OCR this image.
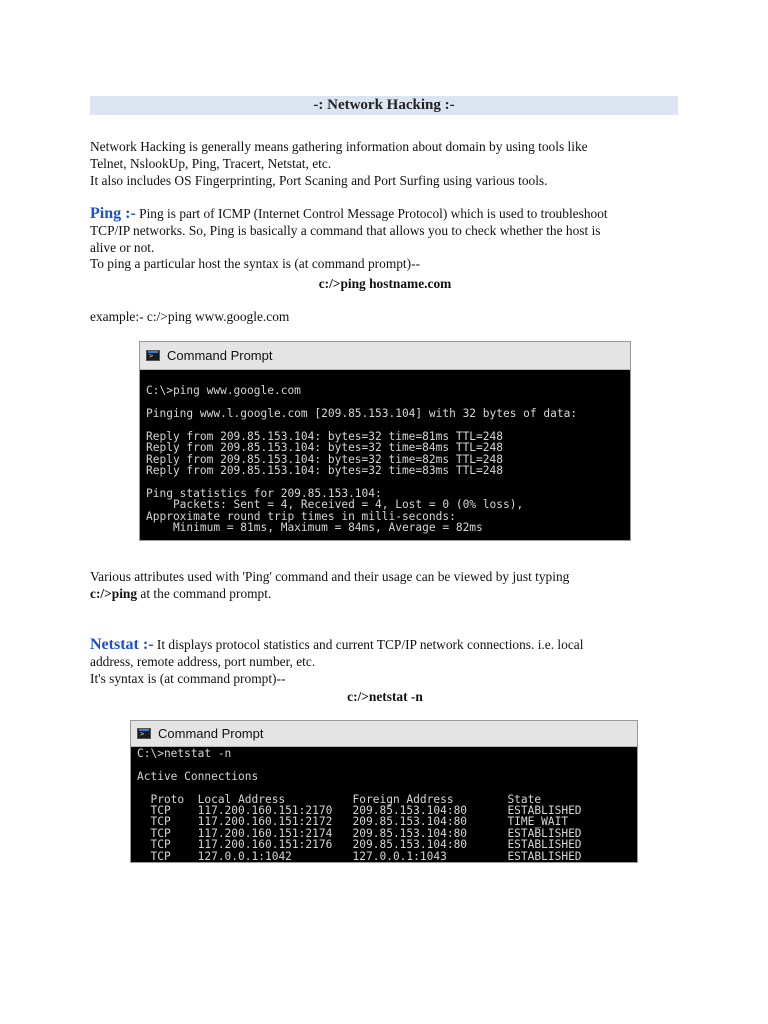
-: Network Hacking :-
Network Hacking is generally means gathering information about domain by using tools like
Telnet, NslookUp, Ping, Tracert, Netstat, etc.
It also includes OS Fingerprinting, Port Scaning and Port Surfing using various tools.
Ping :- Ping is part of ICMP (Internet Control Message Protocol) which is used to troubleshoot
TCP/IP networks. So, Ping is basically a command that allows you to check whether the host is
alive or not.
To ping a particular host the syntax is (at command prompt)--
c:/>ping hostname.com
example:- c:/>ping www.google.com
>
Command Prompt
C:\>ping www.google.com
Pinging www.l.google.com [209.85.153.104] with 32 bytes of data:
Reply from 209.85.153.104: bytes=32 time=81ms TTL=248
Reply from 209.85.153.104: bytes=32 time=84ms TTL=248
Reply from 209.85.153.104: bytes=32 time=82ms TTL=248
Reply from 209.85.153.104: bytes=32 time=83ms TTL=248
Ping statistics for 209.85.153.104:
Packets: Sent = 4, Received = 4, Lost = 0 (0% loss),
Approximate round trip times in milli-seconds:
Minimum = 81ms, Maximum = 84ms, Average = 82ms
Various attributes used with 'Ping' command and their usage can be viewed by just typing
c:/>ping at the command prompt.
Netstat :- It displays protocol statistics and current TCP/IP network connections. i.e. local
address, remote address, port number, etc.
It's syntax is (at command prompt)--
c:/>netstat -n
>
Command Prompt
C:\>netstat -n
Active Connections
Proto  Local Address          Foreign Address        State
TCP    117.200.160.151:2170   209.85.153.104:80      ESTABLISHED
TCP    117.200.160.151:2172   209.85.153.104:80      TIME_WAIT
TCP    117.200.160.151:2174   209.85.153.104:80      ESTABLISHED
TCP    117.200.160.151:2176   209.85.153.104:80      ESTABLISHED
TCP    127.0.0.1:1042         127.0.0.1:1043         ESTABLISHED
